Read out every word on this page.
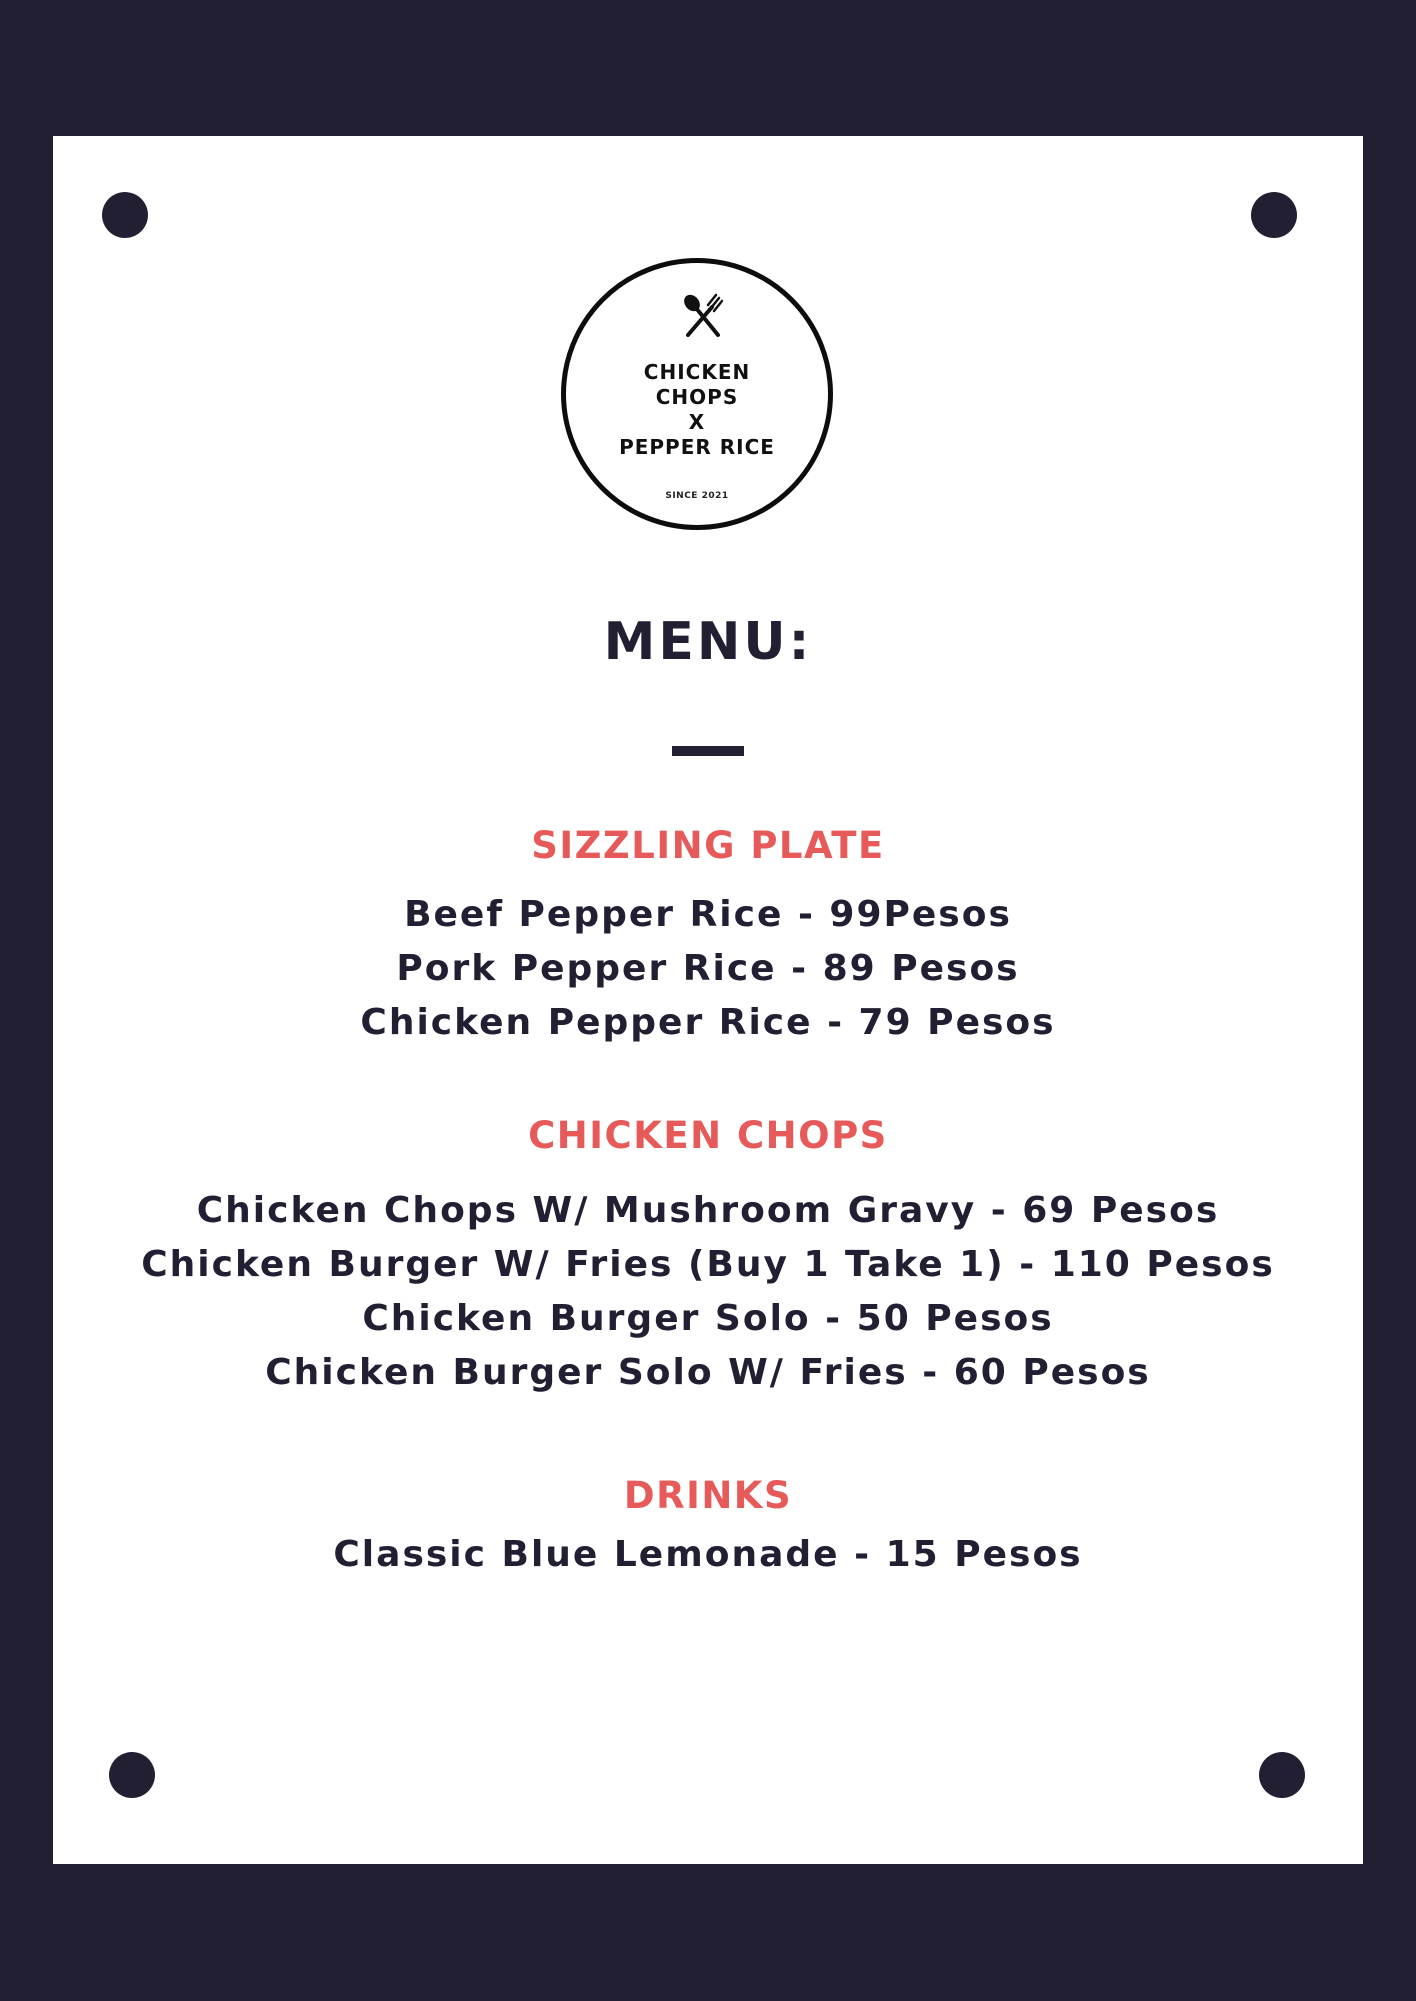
CHICKEN
CHOPS
X
PEPPER RICE
SINCE 2021
MENU:
SIZZLING PLATE
Beef Pepper Rice - 99Pesos
Pork Pepper Rice - 89 Pesos
Chicken Pepper Rice - 79 Pesos
CHICKEN CHOPS
Chicken Chops W/ Mushroom Gravy - 69 Pesos
Chicken Burger W/ Fries (Buy 1 Take 1) - 110 Pesos
Chicken Burger Solo - 50 Pesos
Chicken Burger Solo W/ Fries - 60 Pesos
DRINKS
Classic Blue Lemonade - 15 Pesos
